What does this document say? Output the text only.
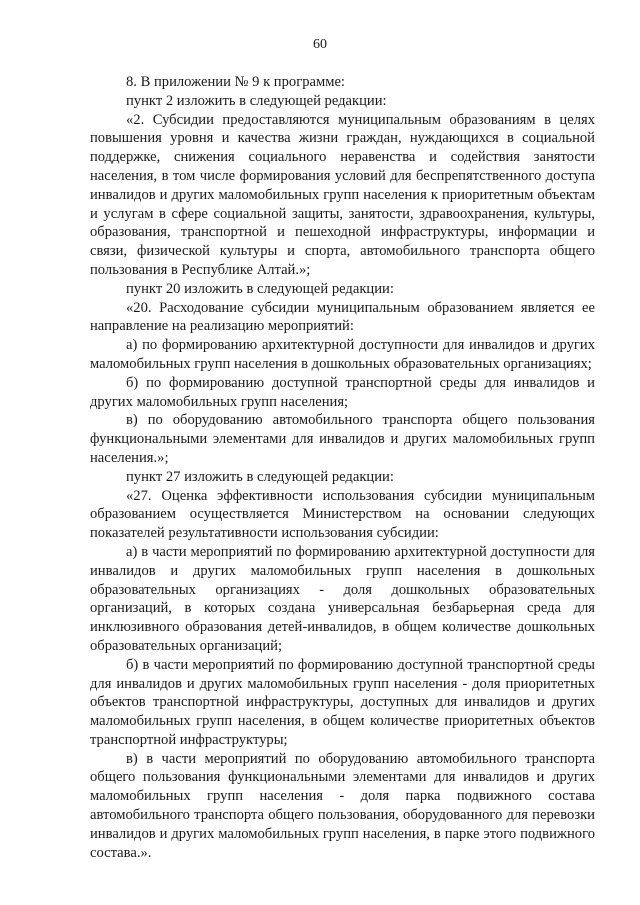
60

8. В приложении № 9 к программе:

пункт 2 изложить в следующей редакции:

«2. Субсидии предоставляются муниципальным образованиям в целях повышения уровня и качества жизни граждан, нуждающихся в социальной поддержке, снижения социального неравенства и содействия занятости населения, в том числе формирования условий для беспрепятственного доступа инвалидов и других маломобильных групп населения к приоритетным объектам и услугам в сфере социальной защиты, занятости, здравоохранения, культуры, образования, транспортной и пешеходной инфраструктуры, информации и связи, физической культуры и спорта, автомобильного транспорта общего пользования в Республике Алтай.»;

пункт 20 изложить в следующей редакции:

«20. Расходование субсидии муниципальным образованием является ее направление на реализацию мероприятий:

а) по формированию архитектурной доступности для инвалидов и других маломобильных групп населения в дошкольных образовательных организациях;

б) по формированию доступной транспортной среды для инвалидов и других маломобильных групп населения;

в) по оборудованию автомобильного транспорта общего пользования функциональными элементами для инвалидов и других маломобильных групп населения.»;

пункт 27 изложить в следующей редакции:

«27. Оценка эффективности использования субсидии муниципальным образованием осуществляется Министерством на основании следующих показателей результативности использования субсидии:

а) в части мероприятий по формированию архитектурной доступности для инвалидов и других маломобильных групп населения в дошкольных образовательных организациях - доля дошкольных образовательных организаций, в которых создана универсальная безбарьерная среда для инклюзивного образования детей-инвалидов, в общем количестве дошкольных образовательных организаций;

б) в части мероприятий по формированию доступной транспортной среды для инвалидов и других маломобильных групп населения - доля приоритетных объектов транспортной инфраструктуры, доступных для инвалидов и других маломобильных групп населения, в общем количестве приоритетных объектов транспортной инфраструктуры;

в) в части мероприятий по оборудованию автомобильного транспорта общего пользования функциональными элементами для инвалидов и других маломобильных групп населения - доля парка подвижного состава автомобильного транспорта общего пользования, оборудованного для перевозки инвалидов и других маломобильных групп населения, в парке этого подвижного состава.».
